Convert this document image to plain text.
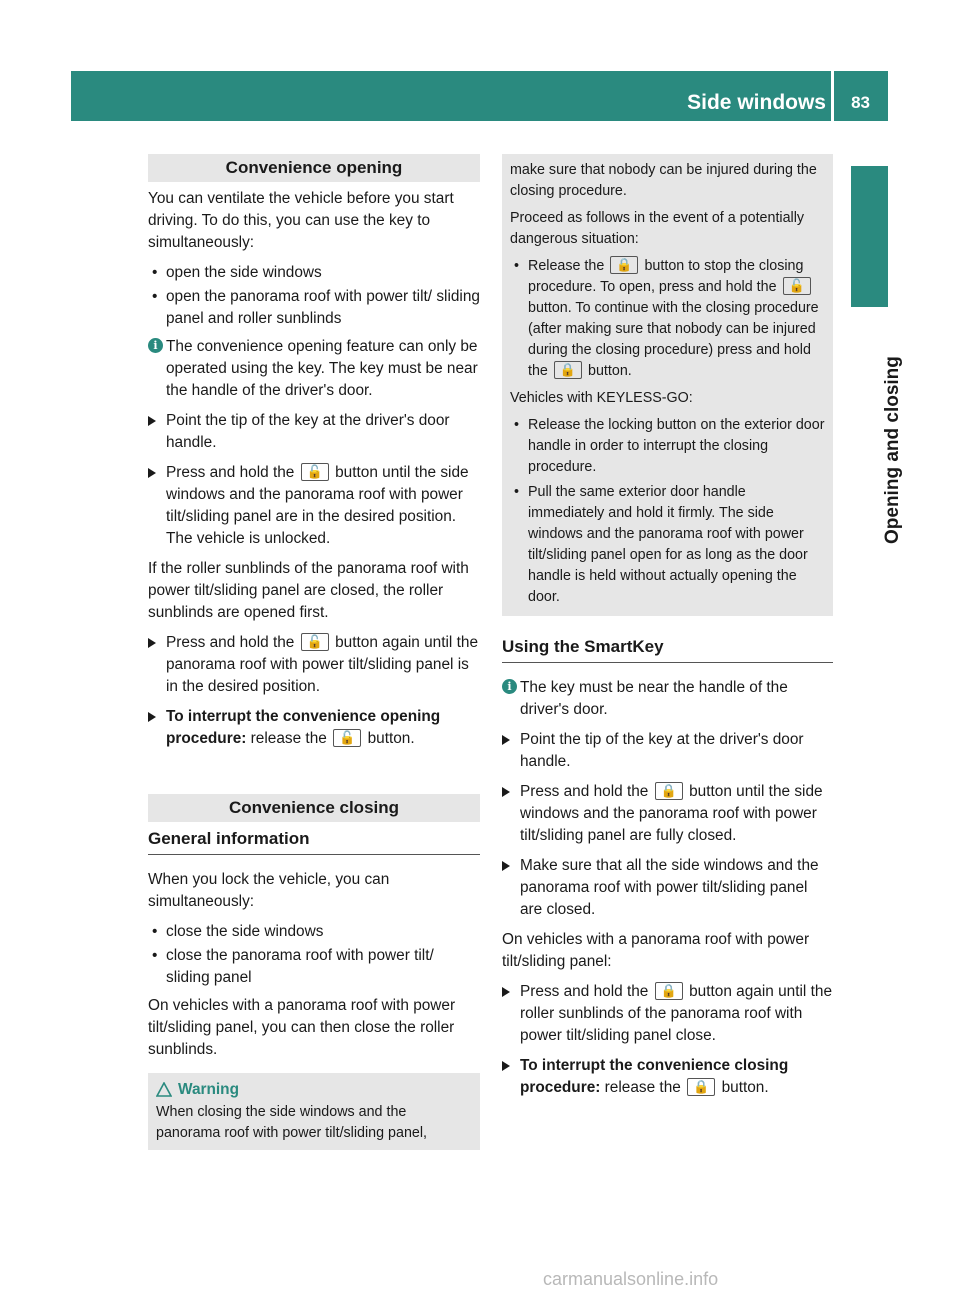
Side windows 83
Opening and closing
Convenience opening

You can ventilate the vehicle before you start driving. To do this, you can use the key to simultaneously:

• open the side windows
• open the panorama roof with power tilt/ sliding panel and roller sunblinds
i The convenience opening feature can only be operated using the key. The key must be near the handle of the driver's door.
Point the tip of the key at the driver's door handle.
Press and hold the 🔓 button until the side windows and the panorama roof with power tilt/sliding panel are in the desired position.
The vehicle is unlocked.

If the roller sunblinds of the panorama roof with power tilt/sliding panel are closed, the roller sunblinds are opened first.

Press and hold the 🔓 button again until the panorama roof with power tilt/sliding panel is in the desired position.
To interrupt the convenience opening procedure: release the 🔓 button.
Convenience closing
General information

When you lock the vehicle, you can simultaneously:

• close the side windows
• close the panorama roof with power tilt/ sliding panel

On vehicles with a panorama roof with power tilt/sliding panel, you can then close the roller sunblinds.

Warning
When closing the side windows and the panorama roof with power tilt/sliding panel,

make sure that nobody can be injured during the closing procedure.

Proceed as follows in the event of a potentially dangerous situation:

• Release the 🔒 button to stop the closing procedure. To open, press and hold the 🔓 button. To continue with the closing procedure (after making sure that nobody can be injured during the closing procedure) press and hold the 🔒 button.

Vehicles with KEYLESS-GO:

• Release the locking button on the exterior door handle in order to interrupt the closing procedure.
• Pull the same exterior door handle immediately and hold it firmly. The side windows and the panorama roof with power tilt/sliding panel open for as long as the door handle is held without actually opening the door.
Using the SmartKey
i The key must be near the handle of the driver's door.
Point the tip of the key at the driver's door handle.
Press and hold the 🔒 button until the side windows and the panorama roof with power tilt/sliding panel are fully closed.
Make sure that all the side windows and the panorama roof with power tilt/sliding panel are closed.

On vehicles with a panorama roof with power tilt/sliding panel:

Press and hold the 🔒 button again until the roller sunblinds of the panorama roof with power tilt/sliding panel close.
To interrupt the convenience closing procedure: release the 🔒 button.
carmanualsonline.info
